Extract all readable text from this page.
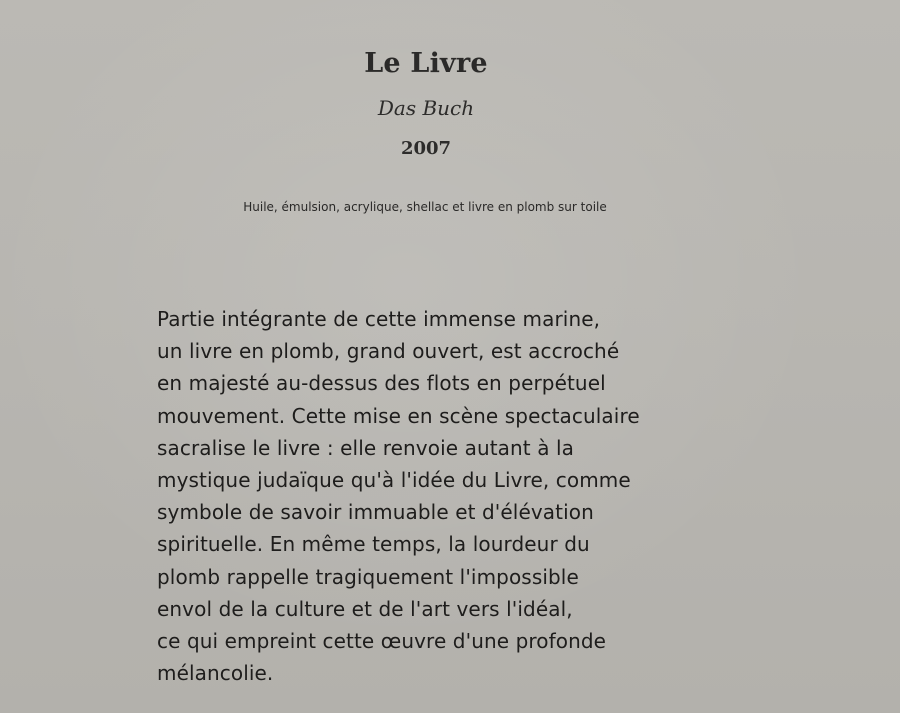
Le Livre
Das Buch
2007
Huile, émulsion, acrylique, shellac et livre en plomb sur toile
Partie intégrante de cette immense marine,
un livre en plomb, grand ouvert, est accroché
en majesté au-dessus des flots en perpétuel
mouvement. Cette mise en scène spectaculaire
sacralise le livre : elle renvoie autant à la
mystique judaïque qu'à l'idée du Livre, comme
symbole de savoir immuable et d'élévation
spirituelle. En même temps, la lourdeur du
plomb rappelle tragiquement l'impossible
envol de la culture et de l'art vers l'idéal,
ce qui empreint cette œuvre d'une profonde
mélancolie.
